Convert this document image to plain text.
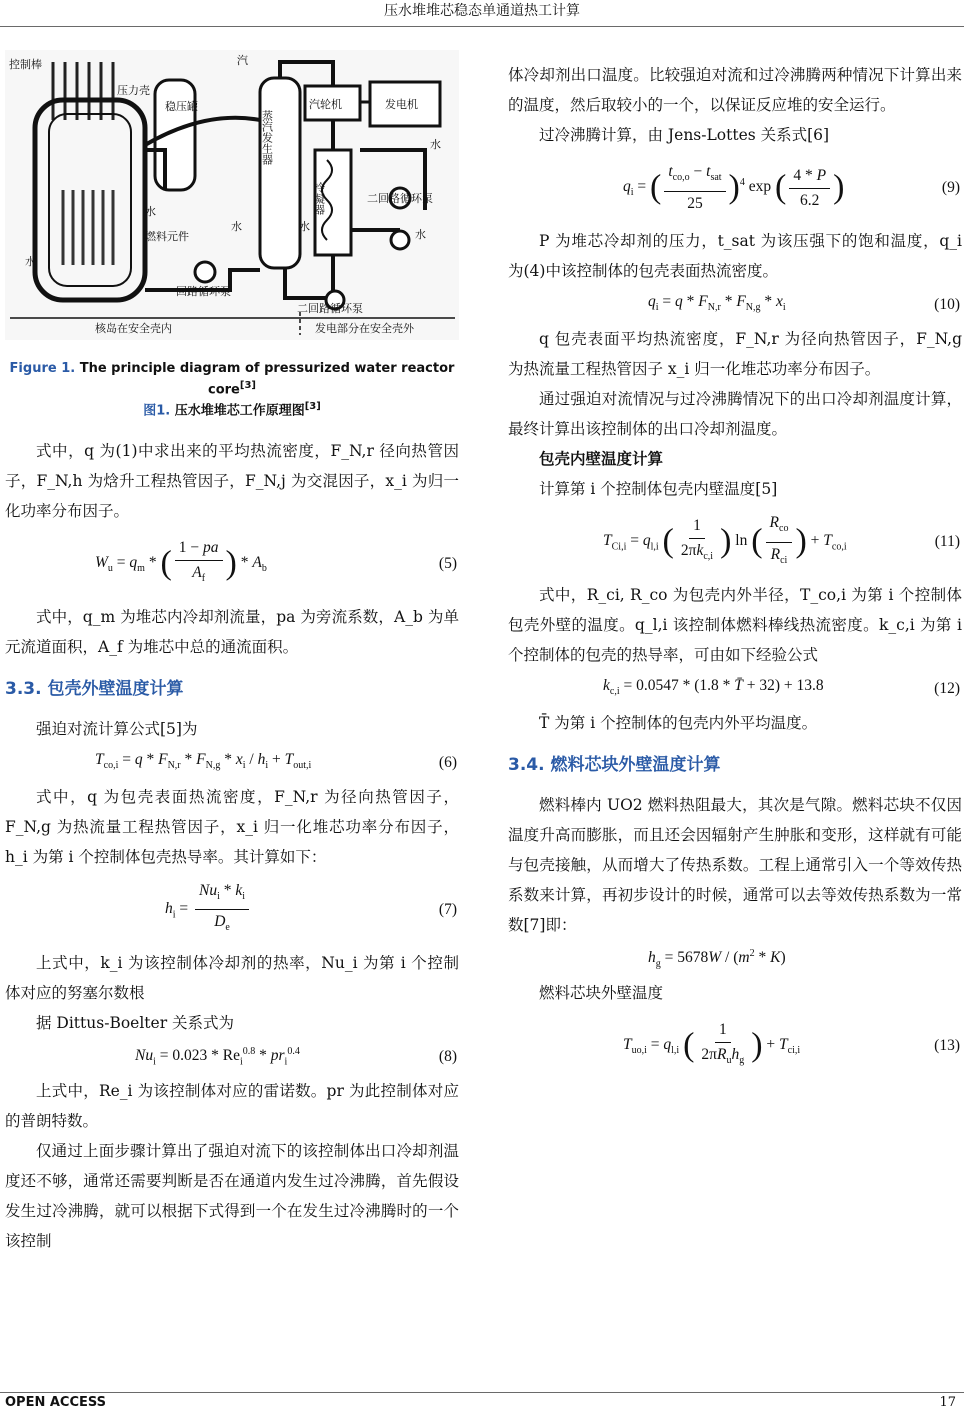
压水堆堆芯稳态单通道热工计算
控制棒
压力壳
稳压罐
汽
蒸汽发生器
汽轮机	发电机
水
冷凝器	二回路循环泵
水
水
水
水
燃料元件
水
一回路循环泵
二回路循环泵
核岛在安全壳内	发电部分在安全壳外
Figure 1. The principle diagram of pressurized water reactor core[3]
图1. 压水堆堆芯工作原理图[3]

式中，q 为(1)中求出来的平均热流密度，F_N,r 径向热管因子，F_N,h 为焓升工程热管因子，F_N,j 为交混因子，x_i 为归一化功率分布因子。

$W_u = q_m$ * ( $\frac{1 - pa}{A_f}$ ) * $A_b$	(5)

式中，q_m 为堆芯内冷却剂流量，pa 为旁流系数，A_b 为单元流道面积，A_f 为堆芯中总的通流面积。

3.3. 包壳外壁温度计算

强迫对流计算公式[5]为

$T_{co,i} = q * F_{N,r} * F_{N,g} * x_i / h_i + T_{out,i}$	(6)

式中，q 为包壳表面热流密度，F_N,r 为径向热管因子，F_N,g 为热流量工程热管因子，x_i 归一化堆芯功率分布因子，h_i 为第 i 个控制体包壳热导率。其计算如下：

$h_i = \frac{Nu_i * k_i}{D_e}$	(7)

上式中，k_i 为该控制体冷却剂的热率，Nu_i 为第 i 个控制体对应的努塞尔数根

据 Dittus-Boelter 关系式为

$Nu_i = 0.023 * Re_i^{0.8} * pr_i^{0.4}$	(8)

上式中，Re_i 为该控制体对应的雷诺数。pr 为此控制体对应的普朗特数。

仅通过上面步骤计算出了强迫对流下的该控制体出口冷却剂温度还不够，通常还需要判断是否在通道内发生过冷沸腾，首先假设发生过冷沸腾，就可以根据下式得到一个在发生过冷沸腾时的一个该控制

体冷却剂出口温度。比较强迫对流和过冷沸腾两种情况下计算出来的温度，然后取较小的一个，以保证反应堆的安全运行。

过冷沸腾计算，由 Jens-Lottes 关系式[6]

$q_i$ = ( $\frac{t_{co,o} - t_{sat}}{25} )^4$ exp ( $\frac{4 * P}{6.2}$ )	(9)

P 为堆芯冷却剂的压力，t_sat 为该压强下的饱和温度，q_i 为(4)中该控制体的包壳表面热流密度。

$q_i = q * F_{N,r} * F_{N,g} * x_i$	(10)

q 包壳表面平均热流密度，F_N,r 为径向热管因子，F_N,g 为热流量工程热管因子 x_i 归一化堆芯功率分布因子。

通过强迫对流情况与过冷沸腾情况下的出口冷却剂温度计算，最终计算出该控制体的出口冷却剂温度。

包壳内壁温度计算

计算第 i 个控制体包壳内壁温度[5]

$T_{Ci,i} = q_{l,i}$ ( $\frac{1}{2\pi k_{c,i}}$ ) ln ( $\frac{R_{co}}{R_{ci}}$ ) + $T_{co,i}$	(11)

式中，R_ci, R_co 为包壳内外半径，T_co,i 为第 i 个控制体包壳外壁的温度。q_l,i 该控制体燃料棒线热流密度。k_c,i 为第 i 个控制体的包壳的热导率，可由如下经验公式

$k_{c,i} = 0.0547 * (1.8$ * T̄ + 32) + 13.8	(12)

T̄ 为第 i 个控制体的包壳内外平均温度。

3.4. 燃料芯块外壁温度计算

燃料棒内 UO2 燃料热阻最大，其次是气隙。燃料芯块不仅因温度升高而膨胀，而且还会因辐射产生肿胀和变形，这样就有可能与包壳接触，从而增大了传热系数。工程上通常引入一个等效传热系数来计算，再初步设计的时候，通常可以去等效传热系数为一常数[7]即：

$h_g = 5678W / (m^2 * K)$

燃料芯块外壁温度

$T_{uo,i} = q_{l,i}$ ( $\frac{1}{2\pi R_uh_g}$ ) + $T_{ci,i}$	(13)
OPEN ACCESS	17
